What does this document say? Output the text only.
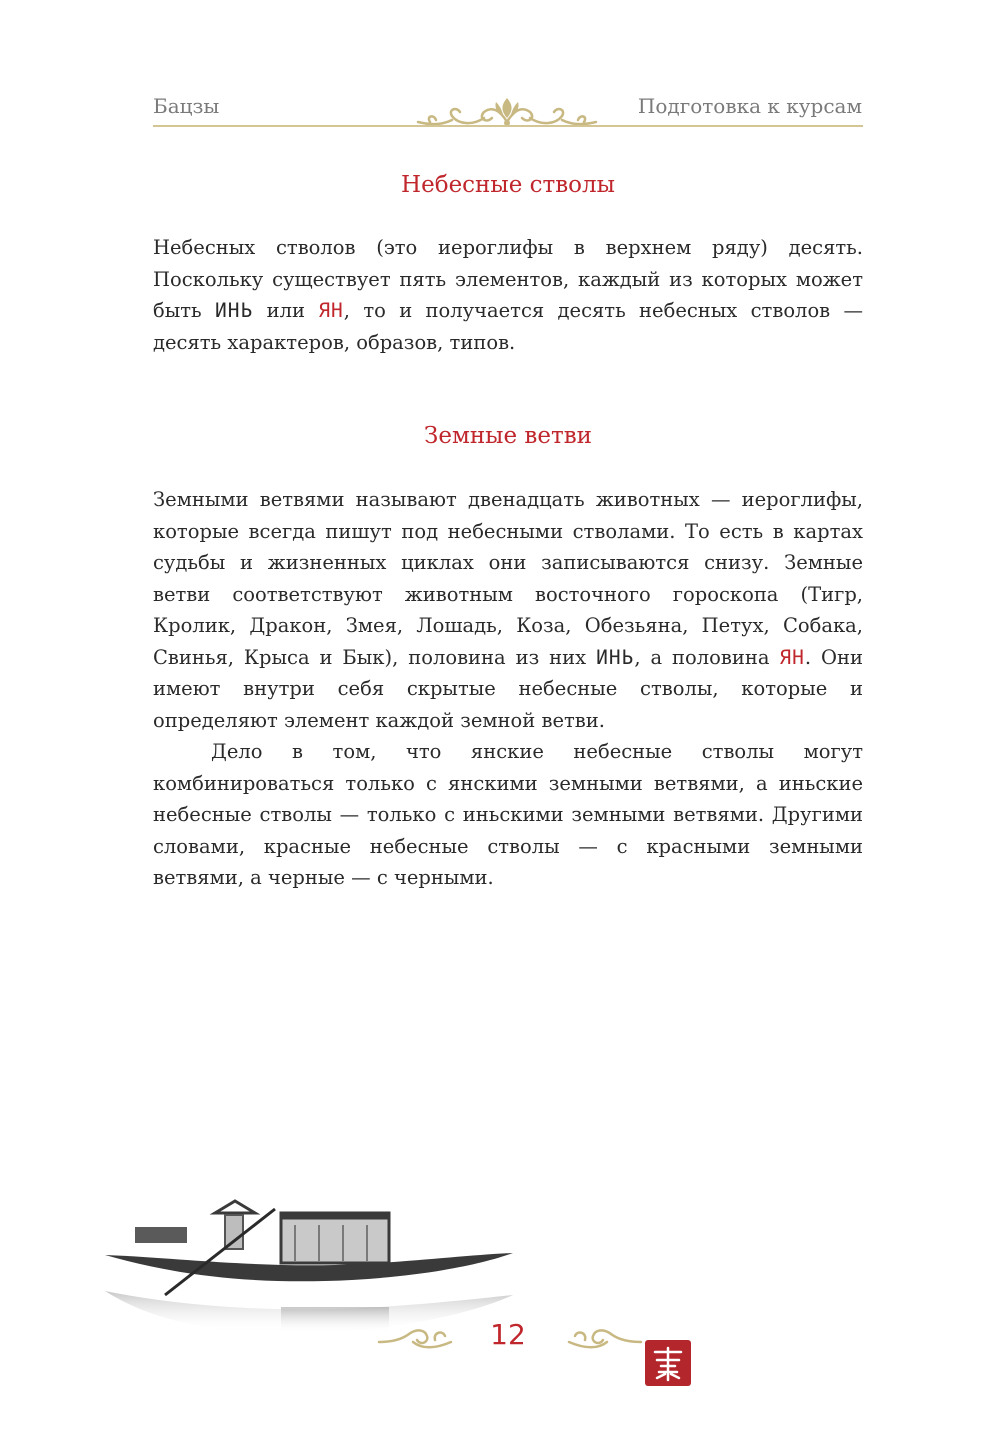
Бацзы	Подготовка к курсам
Небесные стволы

Небесных стволов (это иероглифы в верхнем ряду) десять. Поскольку существует пять элементов, каждый из которых может быть ИНЬ или ЯН, то и получается десять небесных стволов — десять характеров, образов, типов.

Земные ветви

Земными ветвями называют двенадцать животных — иероглифы, которые всегда пишут под небесными стволами. То есть в картах судьбы и жизненных циклах они записываются снизу. Земные ветви соответствуют животным восточного гороскопа (Тигр, Кролик, Дракон, Змея, Лошадь, Коза, Обезьяна, Петух, Собака, Свинья, Крыса и Бык), половина из них ИНЬ, а половина ЯН. Они имеют внутри себя скрытые небесные стволы, которые и определяют элемент каждой земной ветви.

Дело в том, что янские небесные стволы могут комбинироваться только с янскими земными ветвями, а иньские небесные стволы — только с иньскими земными ветвями. Другими словами, красные небесные стволы — с красными земными ветвями, а черные — с черными.

12
